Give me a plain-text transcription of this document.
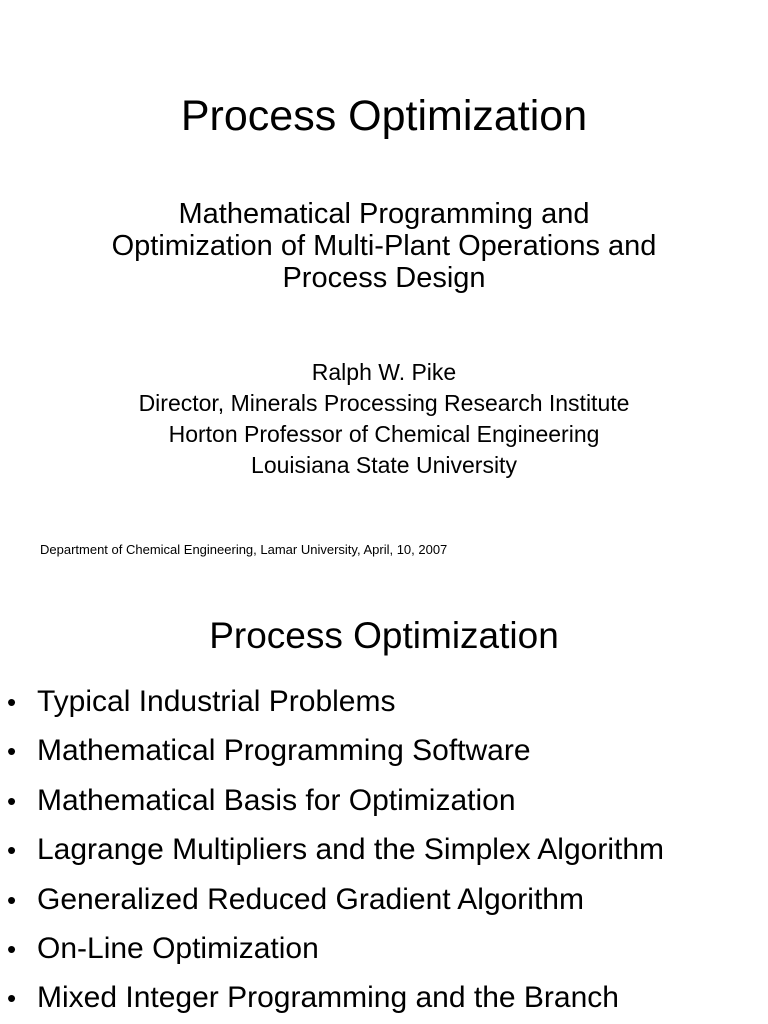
Process Optimization
Mathematical Programming and
Optimization of Multi-Plant Operations and
Process Design
Ralph W. Pike
Director, Minerals Processing Research Institute
Horton Professor of Chemical Engineering
Louisiana State University
Department of Chemical Engineering, Lamar University, April, 10, 2007
Process Optimization
• Typical Industrial Problems
• Mathematical Programming Software
• Mathematical Basis for Optimization
• Lagrange Multipliers and the Simplex Algorithm
• Generalized Reduced Gradient Algorithm
• On-Line Optimization
• Mixed Integer Programming and the Branch
